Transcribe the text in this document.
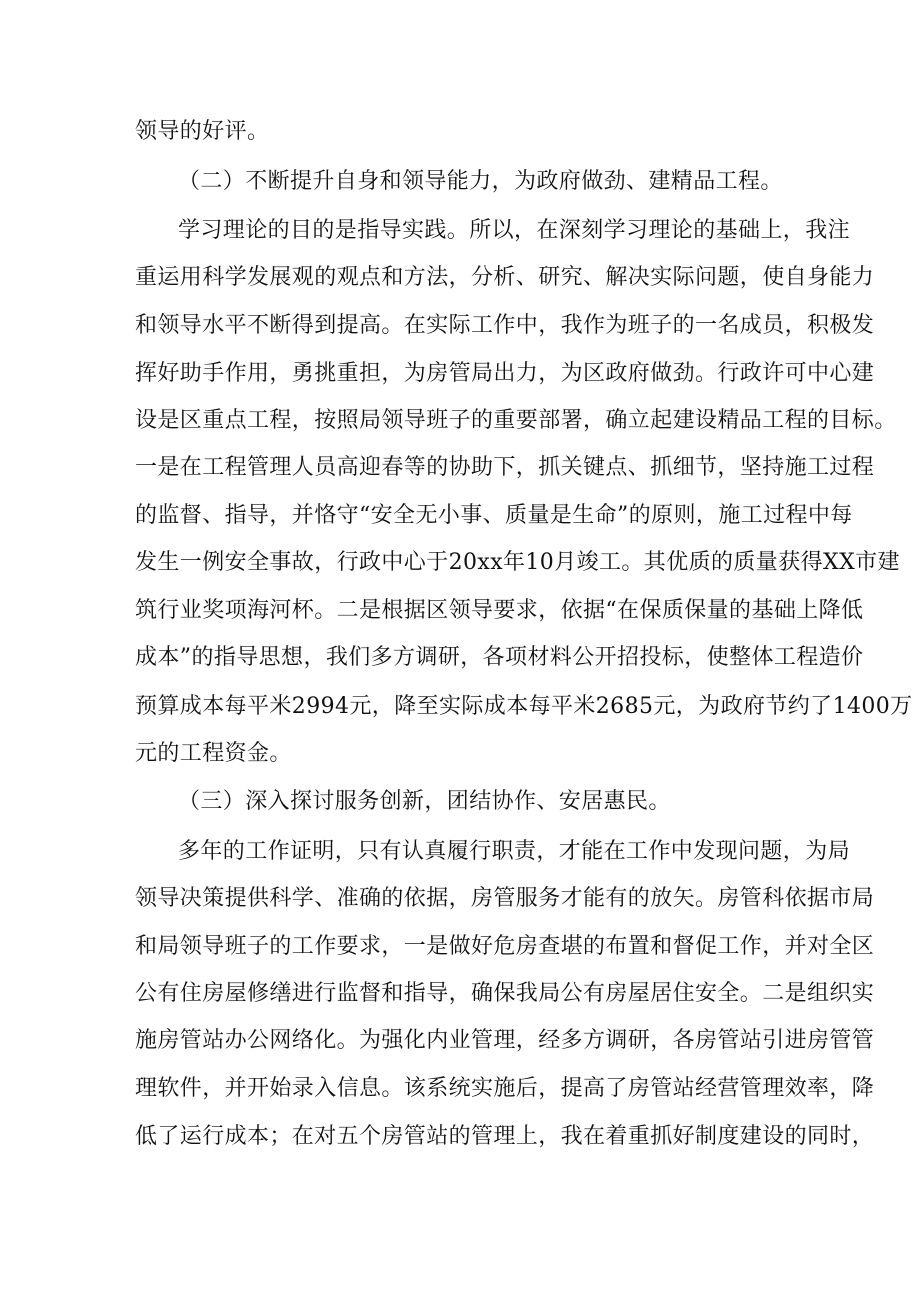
领导的好评。

（二）不断提升自身和领导能力，为政府做劲、建精品工程。

学习理论的目的是指导实践。所以，在深刻学习理论的基础上，我注

重运用科学发展观的观点和方法，分析、研究、解决实际问题，使自身能力

和领导水平不断得到提高。在实际工作中，我作为班子的一名成员，积极发

挥好助手作用，勇挑重担，为房管局出力，为区政府做劲。行政许可中心建

设是区重点工程，按照局领导班子的重要部署，确立起建设精品工程的目标。

一是在工程管理人员高迎春等的协助下，抓关键点、抓细节，坚持施工过程

的监督、指导，并恪守“安全无小事、质量是生命”的原则，施工过程中每

发生一例安全事故，行政中心于20xx年10月竣工。其优质的质量获得XX市建

筑行业奖项海河杯。二是根据区领导要求，依据“在保质保量的基础上降低

成本”的指导思想，我们多方调研，各项材料公开招投标，使整体工程造价

预算成本每平米2994元，降至实际成本每平米2685元，为政府节约了1400万

元的工程资金。

（三）深入探讨服务创新，团结协作、安居惠民。

多年的工作证明，只有认真履行职责，才能在工作中发现问题，为局

领导决策提供科学、准确的依据，房管服务才能有的放矢。房管科依据市局

和局领导班子的工作要求，一是做好危房查堪的布置和督促工作，并对全区

公有住房屋修缮进行监督和指导，确保我局公有房屋居住安全。二是组织实

施房管站办公网络化。为强化内业管理，经多方调研，各房管站引进房管管

理软件，并开始录入信息。该系统实施后，提高了房管站经营管理效率，降

低了运行成本；在对五个房管站的管理上，我在着重抓好制度建设的同时，
